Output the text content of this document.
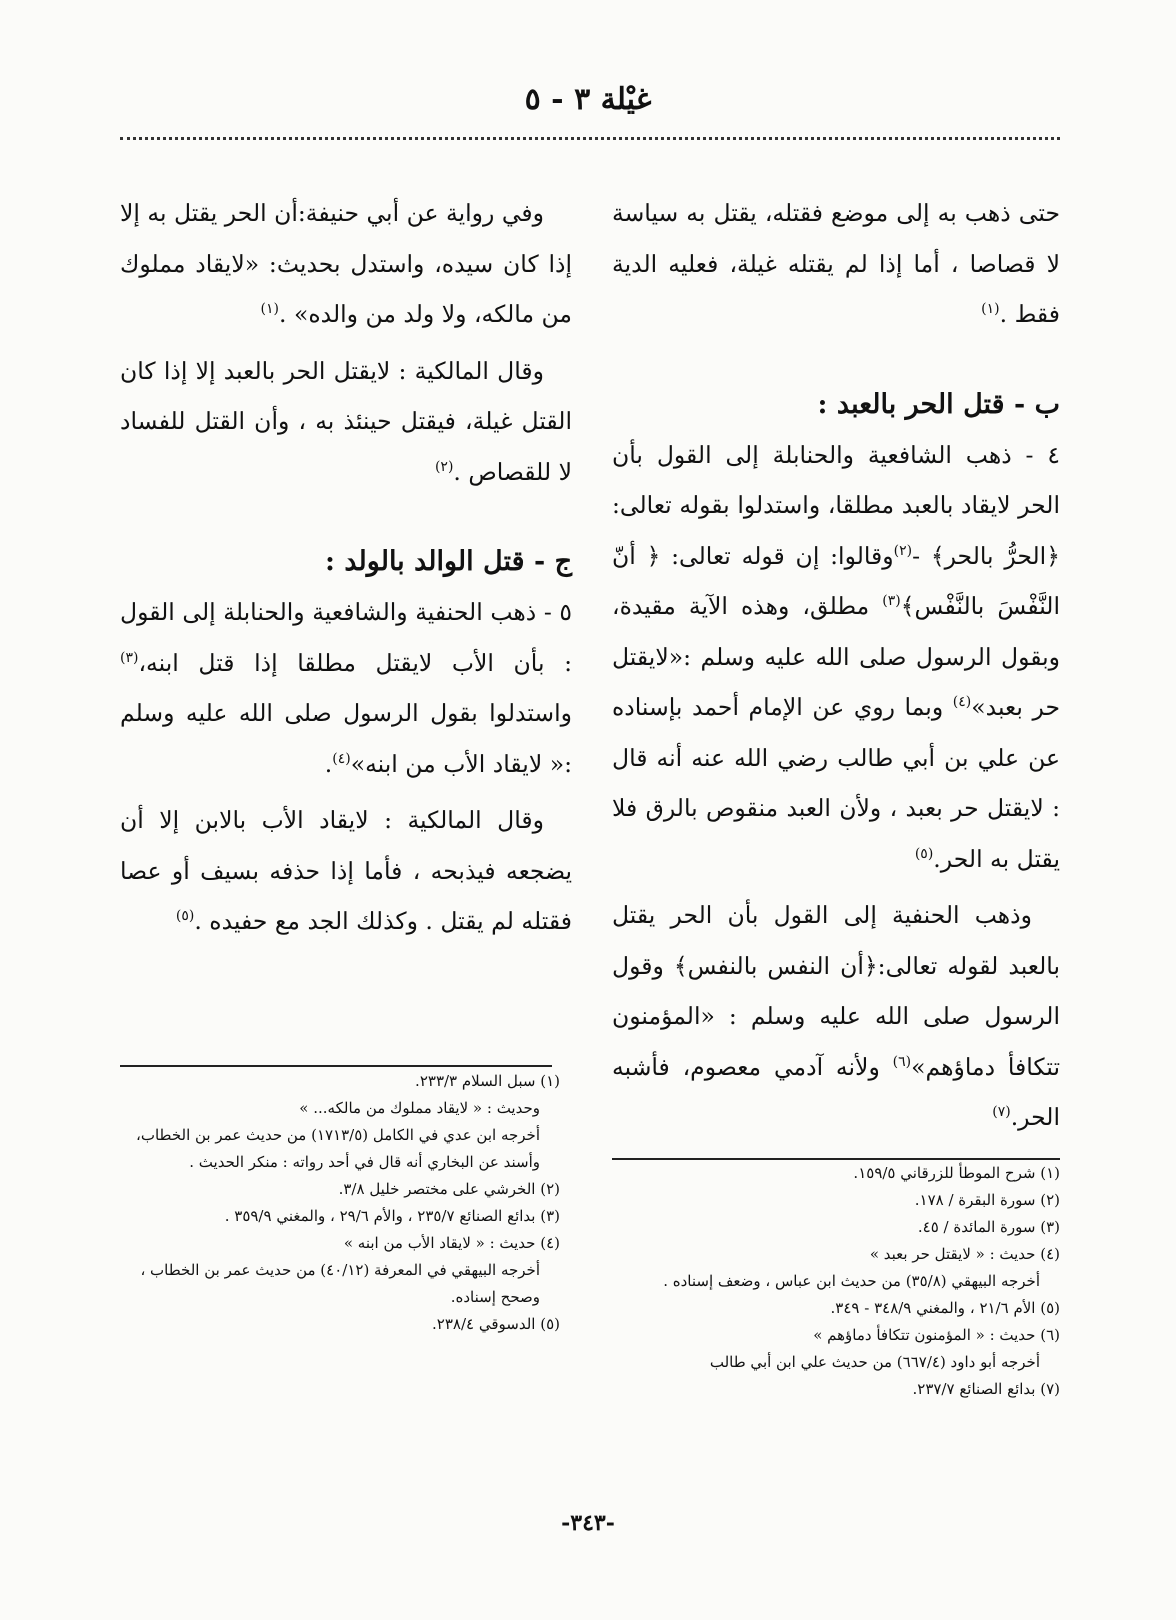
غيْلة ٣ - ٥

حتى ذهب به إلى موضع فقتله، يقتل به سياسة لا قصاصا ، أما إذا لم يقتله غيلة، فعليه الدية فقط .$^{(١)}$

ب - قتل الحر بالعبد :

٤ - ذهب الشافعية والحنابلة إلى القول بأن الحر لايقاد بالعبد مطلقا، واستدلوا بقوله تعالى:﴿الحرُّ بالحر﴾ -$^{(٢)}$وقالوا: إن قوله تعالى: ﴿ أنّ النَّفْسَ بالنَّفْس﴾$^{(٣)}$ مطلق، وهذه الآية مقيدة، وبقول الرسول صلى الله عليه وسلم :«لايقتل حر بعبد»$^{(٤)}$ وبما روي عن الإمام أحمد بإسناده عن علي بن أبي طالب رضي الله عنه أنه قال : لايقتل حر بعبد ، ولأن العبد منقوص بالرق فلا يقتل به الحر.$^{(٥)}$

وذهب الحنفية إلى القول بأن الحر يقتل بالعبد لقوله تعالى:﴿أن النفس بالنفس﴾ وقول الرسول صلى الله عليه وسلم : «المؤمنون تتكافأ دماؤهم»$^{(٦)}$ ولأنه آدمي معصوم، فأشبه الحر.$^{(٧)}$

وفي رواية عن أبي حنيفة:أن الحر يقتل به إلا إذا كان سيده، واستدل بحديث: «لايقاد مملوك من مالكه، ولا ولد من والده» .$^{(١)}$

وقال المالكية : لايقتل الحر بالعبد إلا إذا كان القتل غيلة، فيقتل حينئذ به ، وأن القتل للفساد لا للقصاص .$^{(٢)}$

ج - قتل الوالد بالولد :

٥ - ذهب الحنفية والشافعية والحنابلة إلى القول : بأن الأب لايقتل مطلقا إذا قتل ابنه،$^{(٣)}$ واستدلوا بقول الرسول صلى الله عليه وسلم :« لايقاد الأب من ابنه»$^{(٤)}$.

وقال المالكية : لايقاد الأب بالابن إلا أن يضجعه فيذبحه ، فأما إذا حذفه بسيف أو عصا فقتله لم يقتل . وكذلك الجد مع حفيده .$^{(٥)}$

(١) شرح الموطأ للزرقاني ١٥٩/٥.

(٢) سورة البقرة / ١٧٨.

(٣) سورة المائدة / ٤٥.

(٤) حديث : « لايقتل حر بعبد »

أخرجه البيهقي (٣٥/٨) من حديث ابن عباس ، وضعف إسناده .

(٥) الأم ٢١/٦ ، والمغني ٣٤٨/٩ - ٣٤٩.

(٦) حديث : « المؤمنون تتكافأ دماؤهم »

أخرجه أبو داود (٦٦٧/٤) من حديث علي ابن أبي طالب

(٧) بدائع الصنائع ٢٣٧/٧.

(١) سبل السلام ٢٣٣/٣.

وحديث : « لايقاد مملوك من مالكه... »

أخرجه ابن عدي في الكامل (١٧١٣/٥) من حديث عمر بن الخطاب، وأسند عن البخاري أنه قال في أحد رواته : منكر الحديث .

(٢) الخرشي على مختصر خليل ٣/٨.

(٣) بدائع الصنائع ٢٣٥/٧ ، والأم ٢٩/٦ ، والمغني ٣٥٩/٩ .

(٤) حديث : « لايقاد الأب من ابنه »

أخرجه البيهقي في المعرفة (٤٠/١٢) من حديث عمر بن الخطاب ، وصحح إسناده.

(٥) الدسوقي ٢٣٨/٤.

-٣٤٣-
